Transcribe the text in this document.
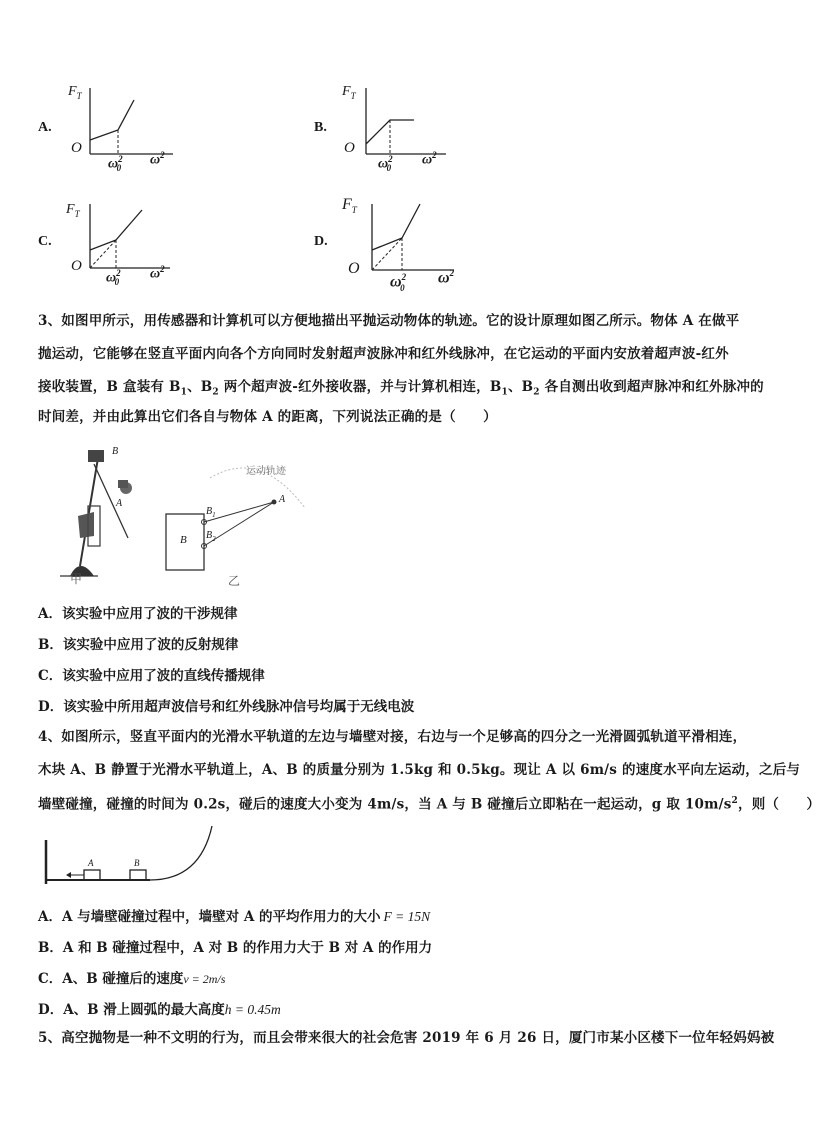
A.
$F_T$
O
$\omega^2_0$
$\omega^2$
B.
$F_T$
O
$\omega^2_0$
$\omega^2$
C.
$F_T$
O
$\omega^2_0$
$\omega^2$
D.
$F_T$
O
$\omega^2_0$
$\omega^2$
3、如图甲所示，用传感器和计算机可以方便地描出平抛运动物体的轨迹。它的设计原理如图乙所示。物体 A 在做平
抛运动，它能够在竖直平面内向各个方向同时发射超声波脉冲和红外线脉冲，在它运动的平面内安放着超声波-红外
接收装置，B 盒装有 $B_1$、$B_2$ 两个超声波-红外接收器，并与计算机相连，$B_1$、$B_2$ 各自测出收到超声脉冲和红外脉冲的
时间差，并由此算出它们各自与物体 A 的距离，下列说法正确的是（　　）
B
A
甲
运动轨迹
A
B
$B_1$
$B_2$
乙
A．该实验中应用了波的干涉规律
B．该实验中应用了波的反射规律
C．该实验中应用了波的直线传播规律
D．该实验中所用超声波信号和红外线脉冲信号均属于无线电波
4、如图所示，竖直平面内的光滑水平轨道的左边与墙壁对接，右边与一个足够高的四分之一光滑圆弧轨道平滑相连，
木块 A、B 静置于光滑水平轨道上，A、B 的质量分别为 1.5kg 和 0.5kg。现让 A 以 6m/s 的速度水平向左运动，之后与
墙壁碰撞，碰撞的时间为 0.2s，碰后的速度大小变为 4m/s，当 A 与 B 碰撞后立即粘在一起运动，g 取 $10m/s^2$，则（　　）
A	B
A．A 与墙壁碰撞过程中，墙壁对 A 的平均作用力的大小 F = 15N
B．A 和 B 碰撞过程中，A 对 B 的作用力大于 B 对 A 的作用力
C．A、B 碰撞后的速度v = 2m/s
D．A、B 滑上圆弧的最大高度h = 0.45m
5、高空抛物是一种不文明的行为，而且会带来很大的社会危害 2019 年 6 月 26 日，厦门市某小区楼下一位年轻妈妈被
